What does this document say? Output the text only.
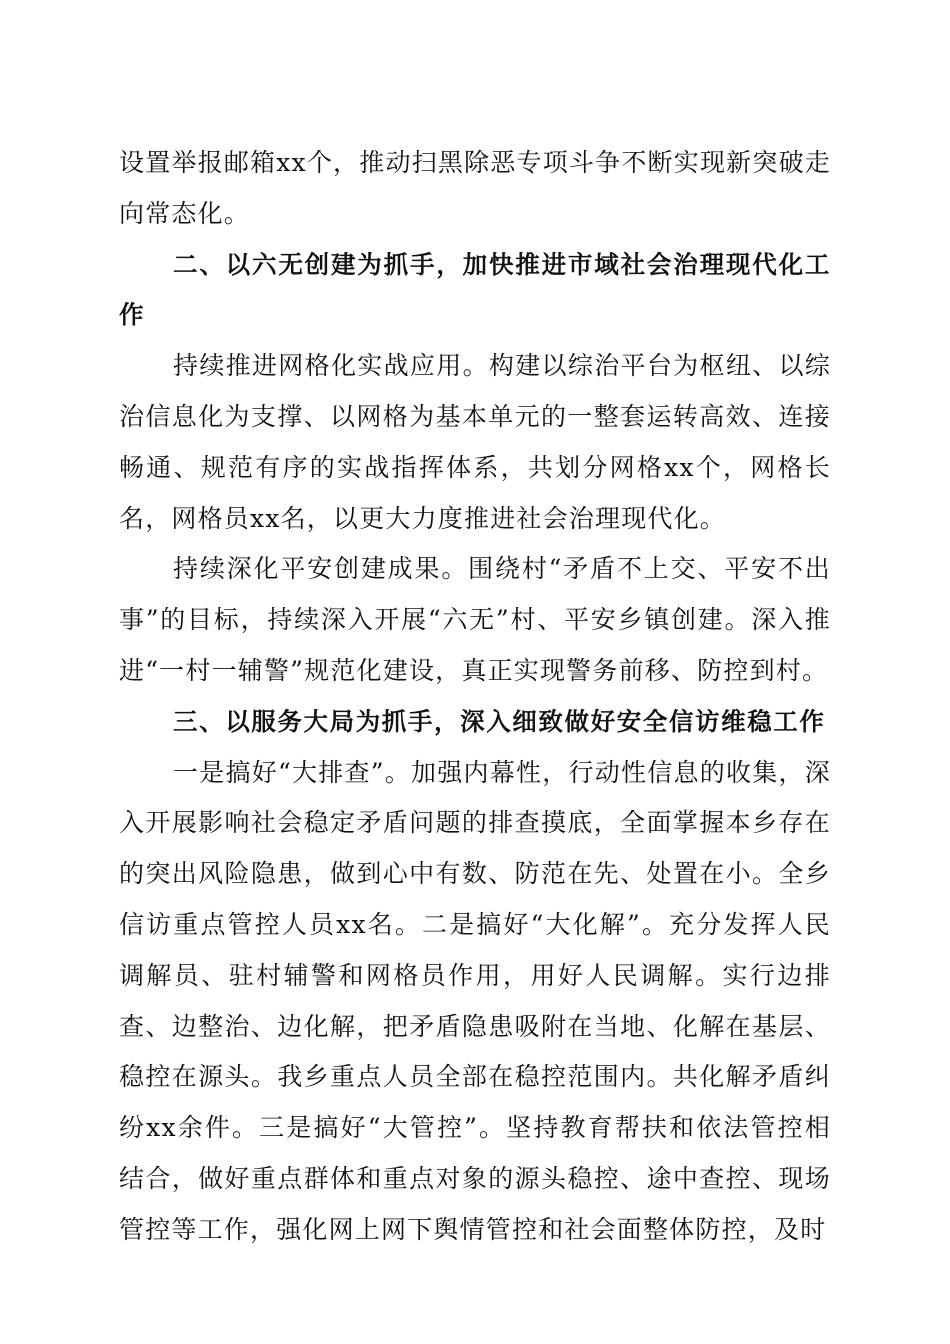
设置举报邮箱xx个，推动扫黑除恶专项斗争不断实现新突破走向常态化。

二、以六无创建为抓手，加快推进市域社会治理现代化工作

持续推进网格化实战应用。构建以综治平台为枢纽、以综治信息化为支撑、以网格为基本单元的一整套运转高效、连接畅通、规范有序的实战指挥体系，共划分网格xx个，网格长名，网格员xx名，以更大力度推进社会治理现代化。

持续深化平安创建成果。围绕村“矛盾不上交、平安不出事”的目标，持续深入开展“六无”村、平安乡镇创建。深入推进“一村一辅警”规范化建设，真正实现警务前移、防控到村。

三、以服务大局为抓手，深入细致做好安全信访维稳工作

一是搞好“大排查”。加强内幕性，行动性信息的收集，深入开展影响社会稳定矛盾问题的排查摸底，全面掌握本乡存在的突出风险隐患，做到心中有数、防范在先、处置在小。全乡信访重点管控人员xx名。二是搞好“大化解”。充分发挥人民调解员、驻村辅警和网格员作用，用好人民调解。实行边排查、边整治、边化解，把矛盾隐患吸附在当地、化解在基层、稳控在源头。我乡重点人员全部在稳控范围内。共化解矛盾纠纷xx余件。三是搞好“大管控”。坚持教育帮扶和依法管控相结合，做好重点群体和重点对象的源头稳控、途中查控、现场管控等工作，强化网上网下舆情管控和社会面整体防控，及时
